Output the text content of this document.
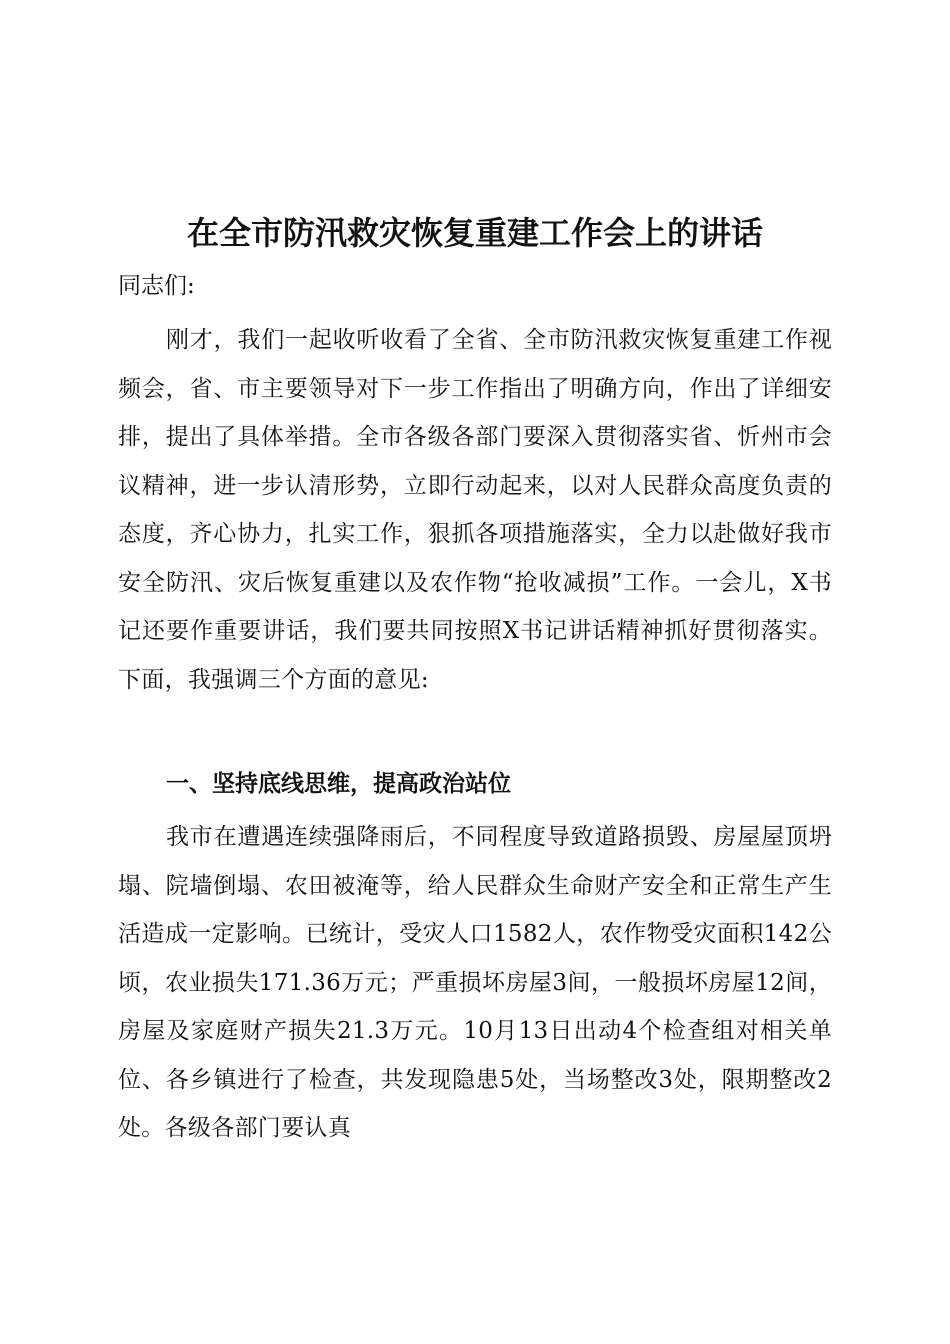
在全市防汛救灾恢复重建工作会上的讲话
同志们:

刚才，我们一起收听收看了全省、全市防汛救灾恢复重建工作视频会，省、市主要领导对下一步工作指出了明确方向，作出了详细安排，提出了具体举措。全市各级各部门要深入贯彻落实省、忻州市会议精神，进一步认清形势，立即行动起来，以对人民群众高度负责的态度，齐心协力，扎实工作，狠抓各项措施落实，全力以赴做好我市安全防汛、灾后恢复重建以及农作物“抢收减损”工作。一会儿，X书记还要作重要讲话，我们要共同按照X书记讲话精神抓好贯彻落实。下面，我强调三个方面的意见:

一、坚持底线思维，提高政治站位

我市在遭遇连续强降雨后，不同程度导致道路损毁、房屋屋顶坍塌、院墙倒塌、农田被淹等，给人民群众生命财产安全和正常生产生活造成一定影响。已统计，受灾人口1582人，农作物受灾面积142公顷，农业损失171.36万元；严重损坏房屋3间，一般损坏房屋12间，房屋及家庭财产损失21.3万元。10月13日出动4个检查组对相关单位、各乡镇进行了检查，共发现隐患5处，当场整改3处，限期整改2处。各级各部门要认真
